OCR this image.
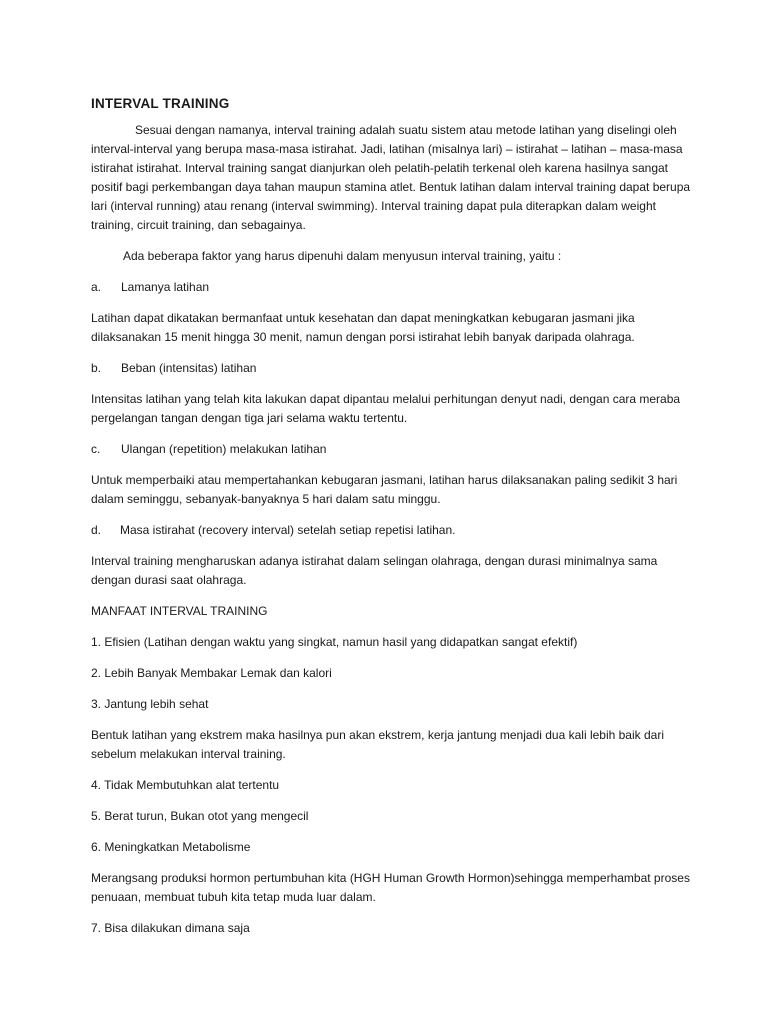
INTERVAL TRAINING

Sesuai dengan namanya, interval training adalah suatu sistem atau metode latihan yang diselingi oleh interval-interval yang berupa masa-masa istirahat. Jadi, latihan (misalnya lari) – istirahat – latihan – masa-masa istirahat istirahat. Interval training sangat dianjurkan oleh pelatih-pelatih terkenal oleh karena hasilnya sangat positif bagi perkembangan daya tahan maupun stamina atlet. Bentuk latihan dalam interval training dapat berupa lari (interval running) atau renang (interval swimming). Interval training dapat pula diterapkan dalam weight training, circuit training, dan sebagainya.

Ada beberapa faktor yang harus dipenuhi dalam menyusun interval training, yaitu :

a.	Lamanya latihan

Latihan dapat dikatakan bermanfaat untuk kesehatan dan dapat meningkatkan kebugaran jasmani jika dilaksanakan 15 menit hingga 30 menit, namun dengan porsi istirahat lebih banyak daripada olahraga.

b.	Beban (intensitas) latihan

Intensitas latihan yang telah kita lakukan dapat dipantau melalui perhitungan denyut nadi, dengan cara meraba pergelangan tangan dengan tiga jari selama waktu tertentu.

c.	Ulangan (repetition) melakukan latihan

Untuk memperbaiki atau mempertahankan kebugaran jasmani, latihan harus dilaksanakan paling sedikit 3 hari dalam seminggu, sebanyak-banyaknya 5 hari dalam satu minggu.

d.	Masa istirahat (recovery interval) setelah setiap repetisi latihan.

Interval training mengharuskan adanya istirahat dalam selingan olahraga, dengan durasi minimalnya sama dengan durasi saat olahraga.

MANFAAT INTERVAL TRAINING

1. Efisien (Latihan dengan waktu yang singkat, namun hasil yang didapatkan sangat efektif)

2. Lebih Banyak Membakar Lemak dan kalori

3. Jantung lebih sehat

Bentuk latihan yang ekstrem maka hasilnya pun akan ekstrem, kerja jantung menjadi dua kali lebih baik dari sebelum melakukan interval training.

4. Tidak Membutuhkan alat tertentu

5. Berat turun, Bukan otot yang mengecil

6. Meningkatkan Metabolisme

Merangsang produksi hormon pertumbuhan kita (HGH Human Growth Hormon)sehingga memperhambat proses penuaan, membuat tubuh kita tetap muda luar dalam.

7. Bisa dilakukan dimana saja
